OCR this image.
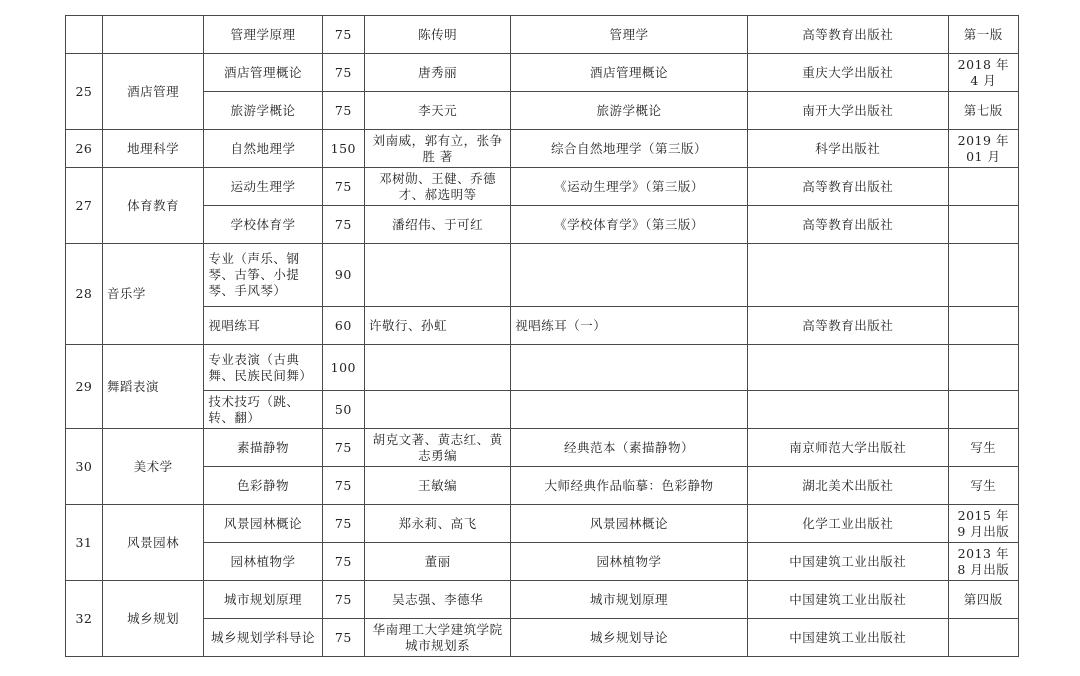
		管理学原理	75	陈传明	管理学	高等教育出版社	第一版
25	酒店管理	酒店管理概论	75	唐秀丽	酒店管理概论	重庆大学出版社	2018 年 4 月
		旅游学概论	75	李天元	旅游学概论	南开大学出版社	第七版
26	地理科学	自然地理学	150	刘南威，郭有立，张争胜 著	综合自然地理学（第三版）	科学出版社	2019 年 01 月
27	体育教育	运动生理学	75	邓树勋、王健、乔德才、郝选明等	《运动生理学》（第三版）	高等教育出版社	
		学校体育学	75	潘绍伟、于可红	《学校体育学》（第三版）	高等教育出版社	
28	音乐学	专业（声乐、钢琴、古筝、小提琴、手风琴）	90				
		视唱练耳	60	许敬行、孙虹	视唱练耳（一）	高等教育出版社	
29	舞蹈表演	专业表演（古典舞、民族民间舞）	100				
		技术技巧（跳、转、翻）	50				
30	美术学	素描静物	75	胡克文著、黄志红、黄志勇编	经典范本（素描静物）	南京师范大学出版社	写生
		色彩静物	75	王敏编	大师经典作品临摹：色彩静物	湖北美术出版社	写生
31	风景园林	风景园林概论	75	郑永莉、高飞	风景园林概论	化学工业出版社	2015 年 9 月出版
		园林植物学	75	董丽	园林植物学	中国建筑工业出版社	2013 年 8 月出版
32	城乡规划	城市规划原理	75	吴志强、李德华	城市规划原理	中国建筑工业出版社	第四版
		城乡规划学科导论	75	华南理工大学建筑学院城市规划系	城乡规划导论	中国建筑工业出版社	
